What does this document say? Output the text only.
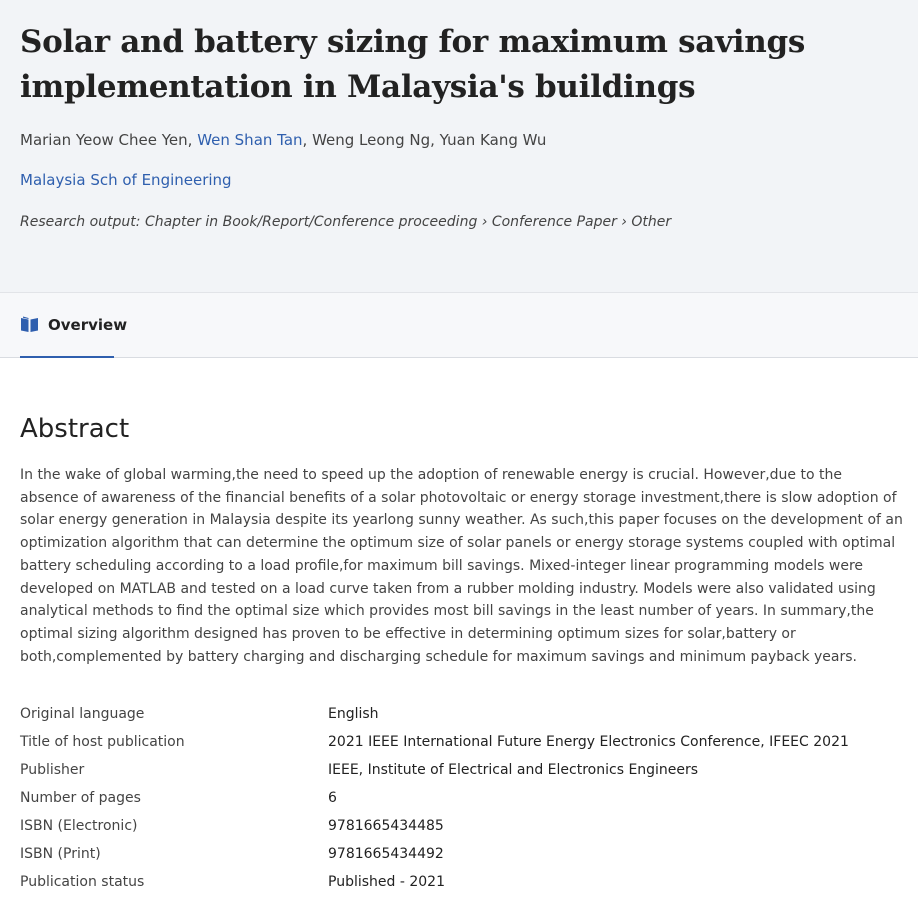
Solar and battery sizing for maximum savings implementation in Malaysia's buildings
Marian Yeow Chee Yen, Wen Shan Tan, Weng Leong Ng, Yuan Kang Wu
Malaysia Sch of Engineering
Research output: Chapter in Book/Report/Conference proceeding › Conference Paper › Other
Overview
Abstract

In the wake of global warming,the need to speed up the adoption of renewable energy is crucial. However,due to the absence of awareness of the financial benefits of a solar photovoltaic or energy storage investment,there is slow adoption of solar energy generation in Malaysia despite its yearlong sunny weather. As such,this paper focuses on the development of an optimization algorithm that can determine the optimum size of solar panels or energy storage systems coupled with optimal battery scheduling according to a load profile,for maximum bill savings. Mixed-integer linear programming models were developed on MATLAB and tested on a load curve taken from a rubber molding industry. Models were also validated using analytical methods to find the optimal size which provides most bill savings in the least number of years. In summary,the optimal sizing algorithm designed has proven to be effective in determining optimum sizes for solar,battery or both,complemented by battery charging and discharging schedule for maximum savings and minimum payback years.

Original language	English
Title of host publication	2021 IEEE International Future Energy Electronics Conference, IFEEC 2021
Publisher	IEEE, Institute of Electrical and Electronics Engineers
Number of pages	6
ISBN (Electronic)	9781665434485
ISBN (Print)	9781665434492
Publication status	Published - 2021
